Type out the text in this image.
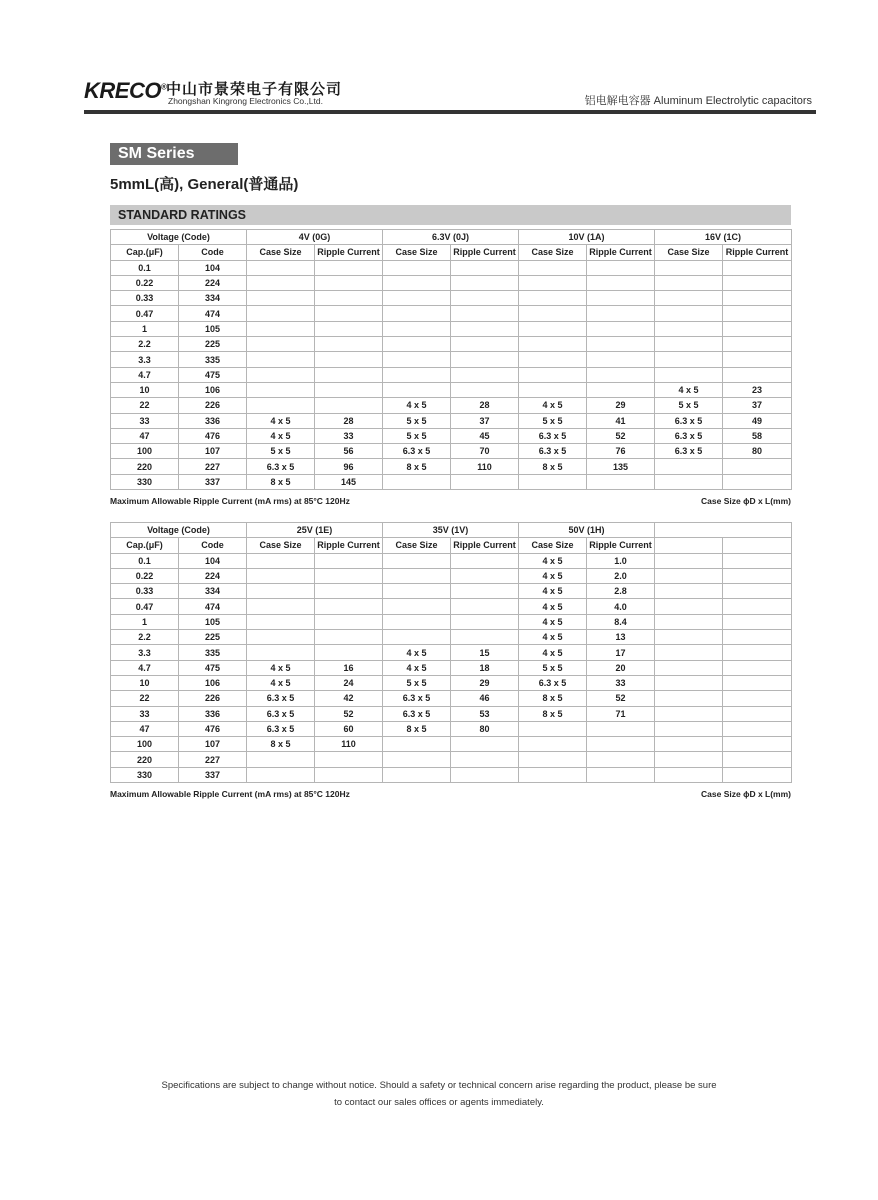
KRECO® 中山市景荣电子有限公司
Zhongshan Kingrong Electronics Co.,Ltd.	铝电解电容器 Aluminum Electrolytic capacitors
SM Series
5mmL(高), General(普通品)
STANDARD RATINGS
Voltage (Code)		4V (0G)		6.3V (0J)		10V (1A)		16V (1C)	
Cap.(μF)	Code	Case Size	Ripple Current	Case Size	Ripple Current	Case Size	Ripple Current	Case Size	Ripple Current
0.1	104								
0.22	224								
0.33	334								
0.47	474								
1	105								
2.2	225								
3.3	335								
4.7	475								
10	106							4 x 5	23
22	226			4 x 5	28	4 x 5	29	5 x 5	37
33	336	4 x 5	28	5 x 5	37	5 x 5	41	6.3 x 5	49
47	476	4 x 5	33	5 x 5	45	6.3 x 5	52	6.3 x 5	58
100	107	5 x 5	56	6.3 x 5	70	6.3 x 5	76	6.3 x 5	80
220	227	6.3 x 5	96	8 x 5	110	8 x 5	135		
330	337	8 x 5	145						
Maximum Allowable Ripple Current (mA rms) at 85°C 120Hz	Case Size ϕD x L(mm)
Voltage (Code)		25V (1E)		35V (1V)		50V (1H)			
Cap.(μF)	Code	Case Size	Ripple Current	Case Size	Ripple Current	Case Size	Ripple Current		
0.1	104					4 x 5	1.0		
0.22	224					4 x 5	2.0		
0.33	334					4 x 5	2.8		
0.47	474					4 x 5	4.0		
1	105					4 x 5	8.4		
2.2	225					4 x 5	13		
3.3	335			4 x 5	15	4 x 5	17		
4.7	475	4 x 5	16	4 x 5	18	5 x 5	20		
10	106	4 x 5	24	5 x 5	29	6.3 x 5	33		
22	226	6.3 x 5	42	6.3 x 5	46	8 x 5	52		
33	336	6.3 x 5	52	6.3 x 5	53	8 x 5	71		
47	476	6.3 x 5	60	8 x 5	80				
100	107	8 x 5	110						
220	227								
330	337								
Maximum Allowable Ripple Current (mA rms) at 85°C 120Hz	Case Size ϕD x L(mm)
Specifications are subject to change without notice. Should a safety or technical concern arise regarding the product, please be sure
to contact our sales offices or agents immediately.
